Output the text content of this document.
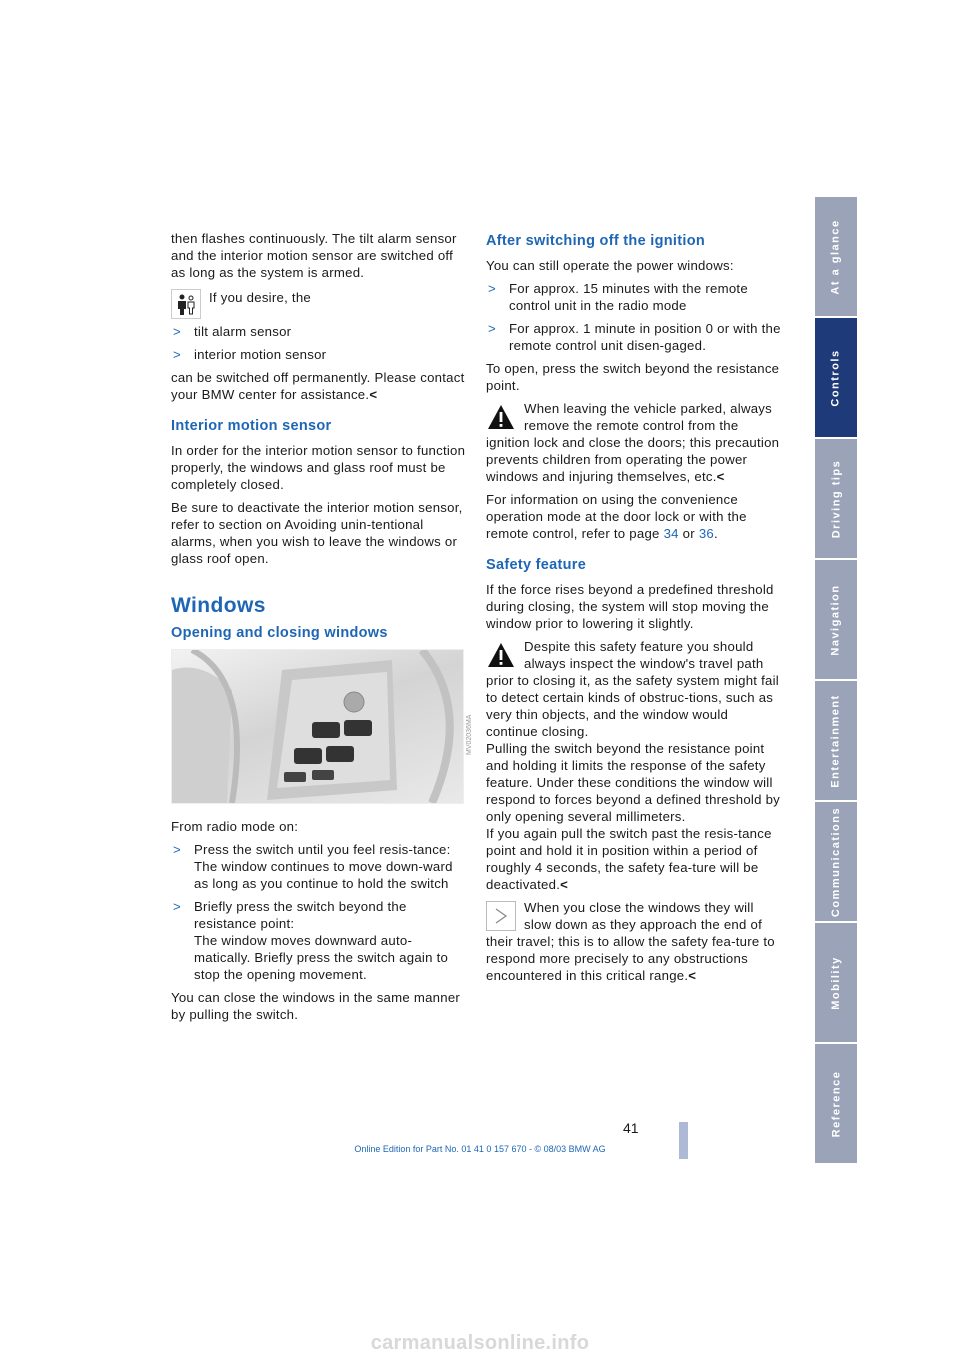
then flashes continuously. The tilt alarm sensor and the interior motion sensor are switched off as long as the system is armed.

If you desire, the
> tilt alarm sensor
> interior motion sensor

can be switched off permanently. Please contact your BMW center for assistance.<

Interior motion sensor

In order for the interior motion sensor to function properly, the windows and glass roof must be completely closed.

Be sure to deactivate the interior motion sensor, refer to section on Avoiding unin-tentional alarms, when you wish to leave the windows or glass roof open.

Windows
Opening and closing windows

From radio mode on:

> Press the switch until you feel resis-tance:
The window continues to move down-ward as long as you continue to hold the switch
> Briefly press the switch beyond the resistance point:
The window moves downward auto-matically. Briefly press the switch again to stop the opening movement.

You can close the windows in the same manner by pulling the switch.

MV02036MA
After switching off the ignition

You can still operate the power windows:

> For approx. 15 minutes with the remote control unit in the radio mode
> For approx. 1 minute in position 0 or with the remote control unit disen-gaged.

To open, press the switch beyond the resistance point.

When leaving the vehicle parked, always remove the remote control from the ignition lock and close the doors; this precaution prevents children from operating the power windows and injuring themselves, etc.<

For information on using the convenience operation mode at the door lock or with the remote control, refer to page 34 or 36.

Safety feature

If the force rises beyond a predefined threshold during closing, the system will stop moving the window prior to lowering it slightly.

Despite this safety feature you should always inspect the window's travel path prior to closing it, as the safety system might fail to detect certain kinds of obstruc-tions, such as very thin objects, and the window would continue closing.
Pulling the switch beyond the resistance point and holding it limits the response of the safety feature. Under these conditions the window will respond to forces beyond a defined threshold by only opening several millimeters.
If you again pull the switch past the resis-tance point and hold it in position within a period of roughly 4 seconds, the safety fea-ture will be deactivated.<
When you close the windows they will slow down as they approach the end of their travel; this is to allow the safety fea-ture to respond more precisely to any obstructions encountered in this critical range.<
At a glance
Controls
Driving tips
Navigation
Entertainment
Communications
Mobility
Reference
41
Online Edition for Part No. 01 41 0 157 670 - © 08/03 BMW AG
carmanualsonline.info
